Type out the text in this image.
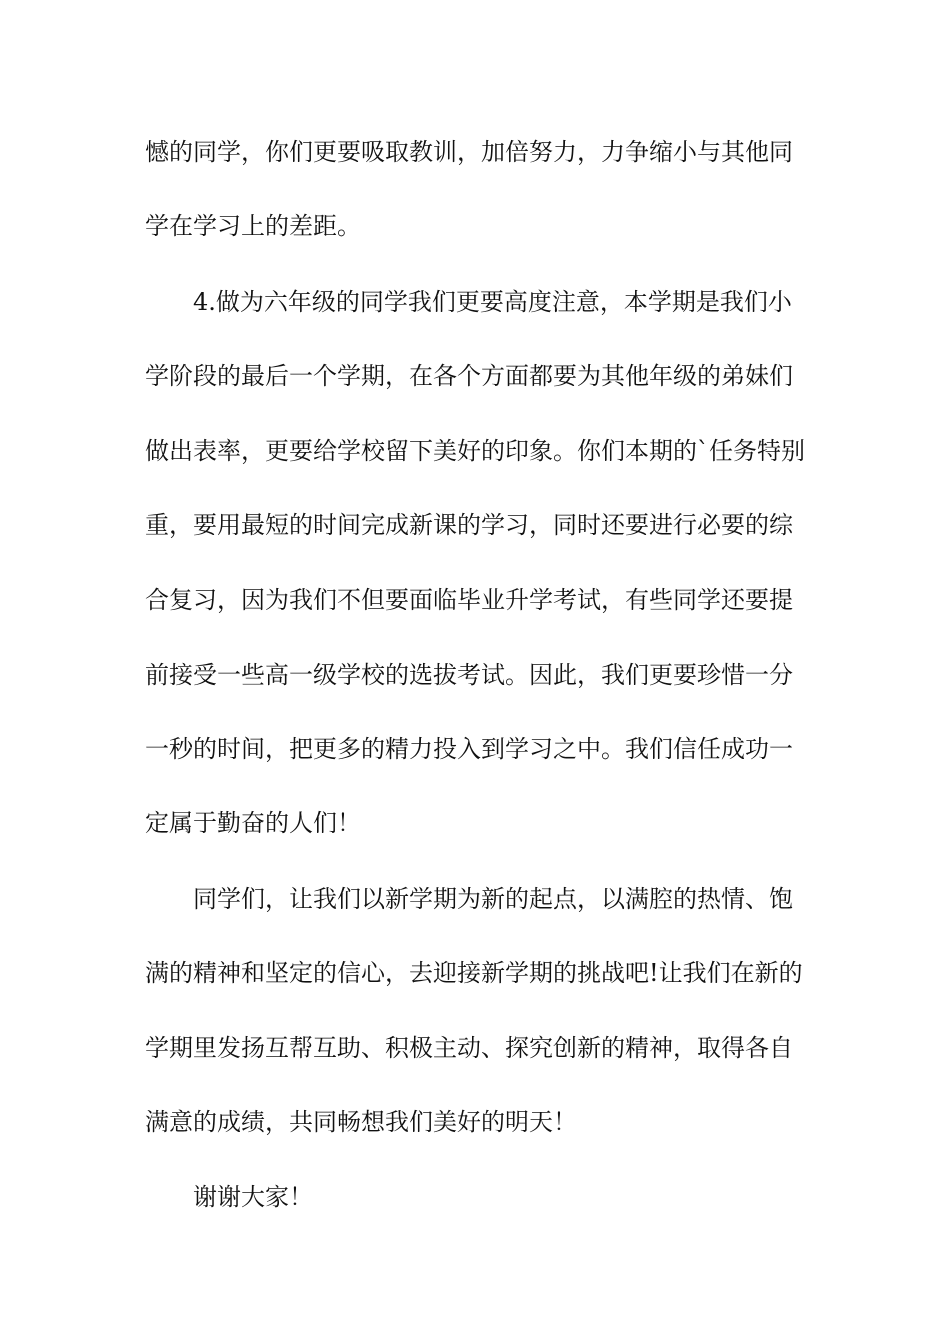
憾的同学，你们更要吸取教训，加倍努力，力争缩小与其他同
学在学习上的差距。
4.做为六年级的同学我们更要高度注意，本学期是我们小
学阶段的最后一个学期，在各个方面都要为其他年级的弟妹们
做出表率，更要给学校留下美好的印象。你们本期的`任务特别
重，要用最短的时间完成新课的学习，同时还要进行必要的综
合复习，因为我们不但要面临毕业升学考试，有些同学还要提
前接受一些高一级学校的选拔考试。因此，我们更要珍惜一分
一秒的时间，把更多的精力投入到学习之中。我们信任成功一
定属于勤奋的人们！
同学们，让我们以新学期为新的起点，以满腔的热情、饱
满的精神和坚定的信心，去迎接新学期的挑战吧!让我们在新的
学期里发扬互帮互助、积极主动、探究创新的精神，取得各自
满意的成绩，共同畅想我们美好的明天！
谢谢大家！
